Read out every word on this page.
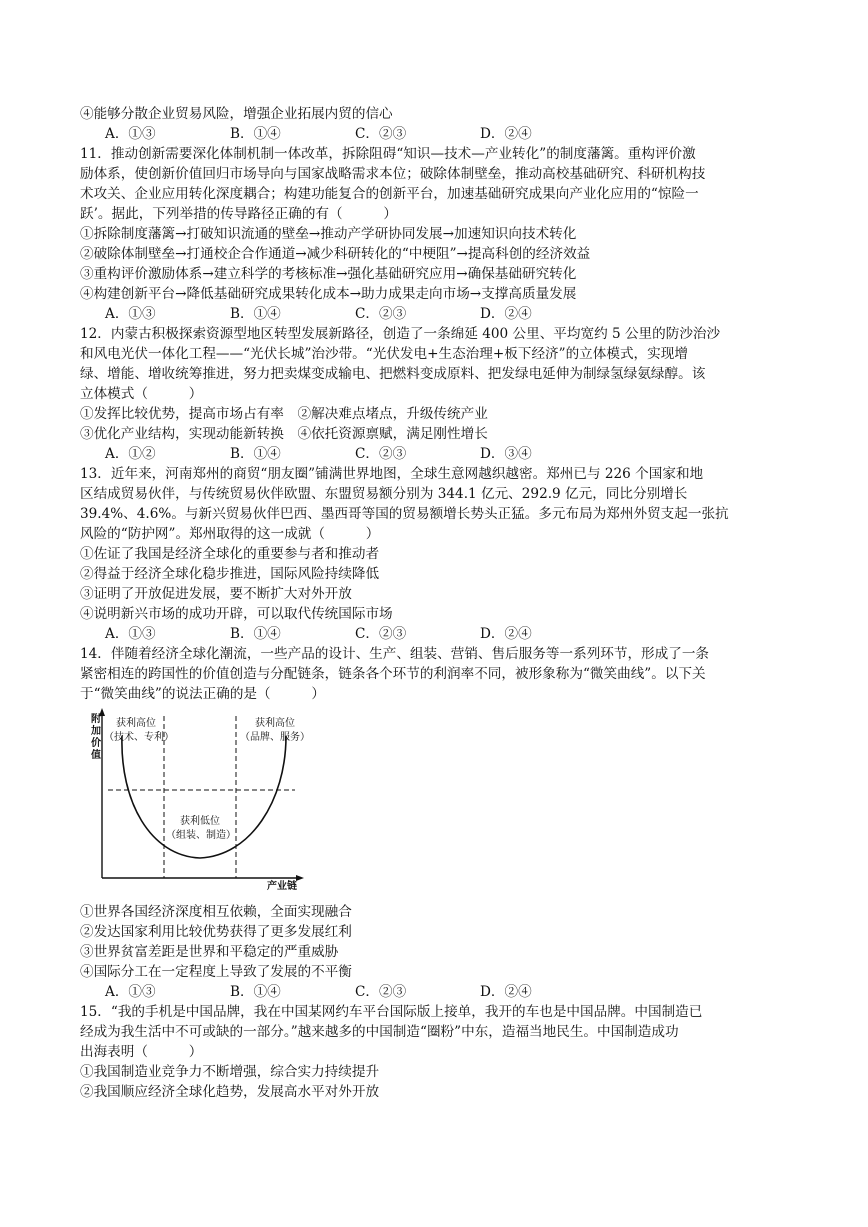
④能够分散企业贸易风险，增强企业拓展内贸的信心
A．①③	B．①④	C．②③	D．②④
11．推动创新需要深化体制机制一体改革，拆除阻碍“知识—技术—产业转化”的制度藩篱。重构评价激
励体系，使创新价值回归市场导向与国家战略需求本位；破除体制壁垒，推动高校基础研究、科研机构技
术攻关、企业应用转化深度耦合；构建功能复合的创新平台，加速基础研究成果向产业化应用的“惊险一
跃’。据此，下列举措的传导路径正确的有（　　　）
①拆除制度藩篱→打破知识流通的壁垒→推动产学研协同发展→加速知识向技术转化
②破除体制壁垒→打通校企合作通道→减少科研转化的“中梗阻”→提高科创的经济效益
③重构评价激励体系→建立科学的考核标准→强化基础研究应用→确保基础研究转化
④构建创新平台→降低基础研究成果转化成本→助力成果走向市场→支撑高质量发展
A．①③	B．①④	C．②③	D．②④
12．内蒙古积极探索资源型地区转型发展新路径，创造了一条绵延 400 公里、平均宽约 5 公里的防沙治沙
和风电光伏一体化工程——“光伏长城”治沙带。“光伏发电+生态治理+板下经济”的立体模式，实现增
绿、增能、增收统筹推进，努力把卖煤变成输电、把燃料变成原料、把发绿电延伸为制绿氢绿氨绿醇。该
立体模式（　　　）
①发挥比较优势，提高市场占有率　②解决难点堵点，升级传统产业
③优化产业结构，实现动能新转换　④依托资源禀赋，满足刚性增长
A．①②	B．①④	C．②③	D．③④
13．近年来，河南郑州的商贸“朋友圈”铺满世界地图，全球生意网越织越密。郑州已与 226 个国家和地
区结成贸易伙伴，与传统贸易伙伴欧盟、东盟贸易额分别为 344.1 亿元、292.9 亿元，同比分别增长
39.4%、4.6%。与新兴贸易伙伴巴西、墨西哥等国的贸易额增长势头正猛。多元布局为郑州外贸支起一张抗
风险的“防护网”。郑州取得的这一成就（　　　）
①佐证了我国是经济全球化的重要参与者和推动者
②得益于经济全球化稳步推进，国际风险持续降低
③证明了开放促进发展，要不断扩大对外开放
④说明新兴市场的成功开辟，可以取代传统国际市场
A．①③	B．①④	C．②③	D．②④
14．伴随着经济全球化潮流，一些产品的设计、生产、组装、营销、售后服务等一系列环节，形成了一条
紧密相连的跨国性的价值创造与分配链条，链条各个环节的利润率不同，被形象称为“微笑曲线”。以下关
于“微笑曲线”的说法正确的是（　　　）
附加价值
获利高位
（技术、专利）
获利高位
（品牌、服务）
获利低位
（组装、制造）
产业链
①世界各国经济深度相互依赖，全面实现融合
②发达国家利用比较优势获得了更多发展红利
③世界贫富差距是世界和平稳定的严重威胁
④国际分工在一定程度上导致了发展的不平衡
A．①③	B．①④	C．②③	D．②④
15．“我的手机是中国品牌，我在中国某网约车平台国际版上接单，我开的车也是中国品牌。中国制造已
经成为我生活中不可或缺的一部分。”越来越多的中国制造“圈粉”中东，造福当地民生。中国制造成功
出海表明（　　　）
①我国制造业竞争力不断增强，综合实力持续提升
②我国顺应经济全球化趋势，发展高水平对外开放
